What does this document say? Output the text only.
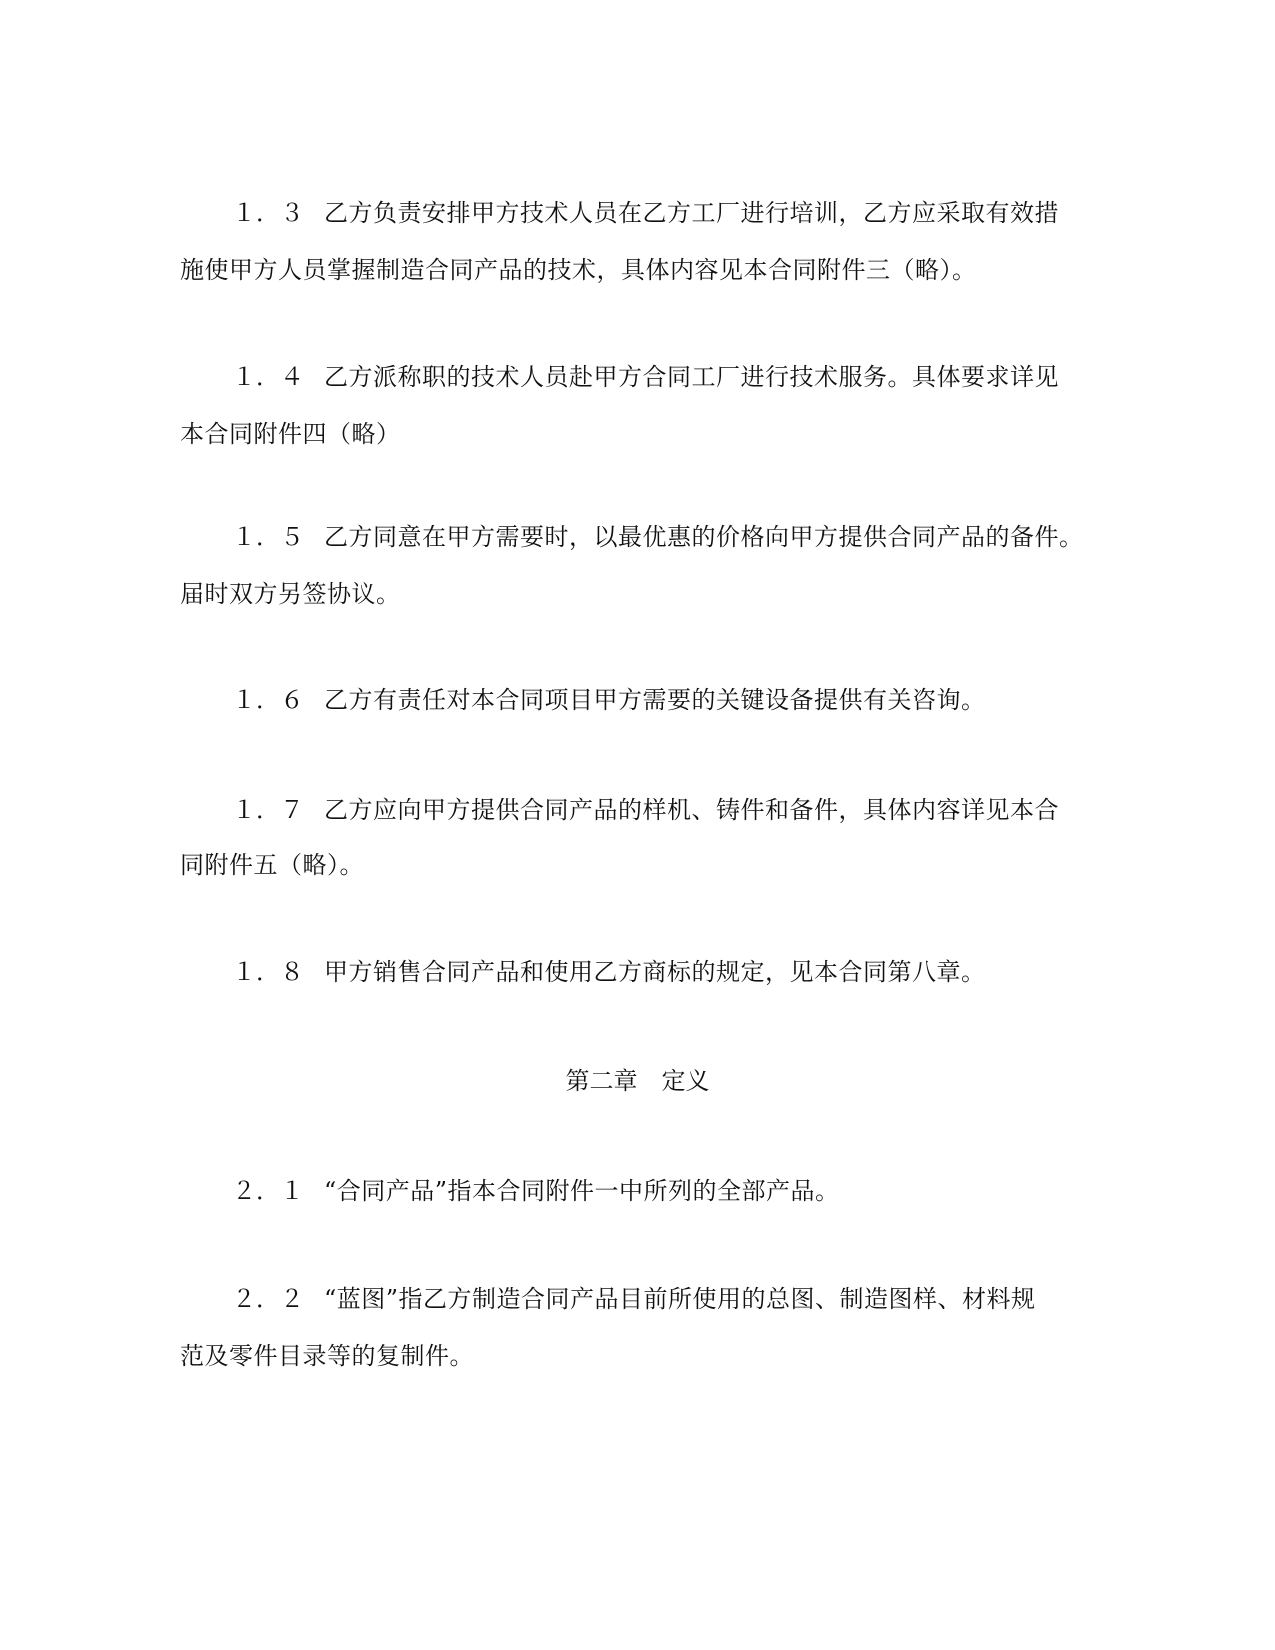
１．３ 乙方负责安排甲方技术人员在乙方工厂进行培训，乙方应采取有效措
施使甲方人员掌握制造合同产品的技术，具体内容见本合同附件三（略）。
１．４ 乙方派称职的技术人员赴甲方合同工厂进行技术服务。具体要求详见
本合同附件四（略）
１．５ 乙方同意在甲方需要时，以最优惠的价格向甲方提供合同产品的备件。
届时双方另签协议。
１．６ 乙方有责任对本合同项目甲方需要的关键设备提供有关咨询。
１．７ 乙方应向甲方提供合同产品的样机、铸件和备件，具体内容详见本合
同附件五（略）。
１．８ 甲方销售合同产品和使用乙方商标的规定，见本合同第八章。
第二章　定义
２．１ “合同产品”指本合同附件一中所列的全部产品。
２．２ “蓝图”指乙方制造合同产品目前所使用的总图、制造图样、材料规
范及零件目录等的复制件。
